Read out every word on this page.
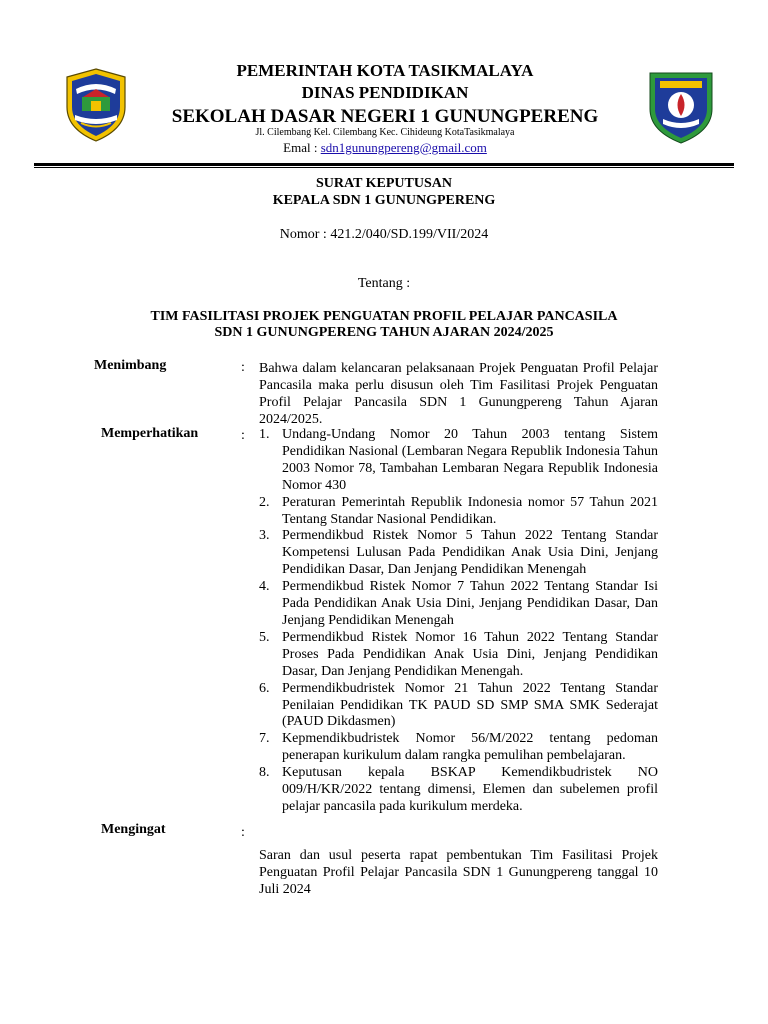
PEMERINTAH KOTA TASIKMALAYA
DINAS PENDIDIKAN
SEKOLAH DASAR NEGERI 1 GUNUNGPERENG
Jl. Cilembang Kel. Cilembang Kec. Cihideung KotaTasikmalaya
Emal : sdn1gunungpereng@gmail.com
SURAT KEPUTUSAN
KEPALA SDN 1 GUNUNGPERENG
Nomor : 421.2/040/SD.199/VII/2024
Tentang :
TIM FASILITASI PROJEK PENGUATAN PROFIL PELAJAR PANCASILA
SDN 1 GUNUNGPERENG TAHUN AJARAN 2024/2025
Menimbang	: Bahwa dalam kelancaran pelaksanaan Projek Penguatan Profil Pelajar Pancasila maka perlu disusun oleh Tim Fasilitasi Projek Penguatan Profil Pelajar Pancasila SDN 1 Gunungpereng Tahun Ajaran 2024/2025.
Memperhatikan	: 1. Undang-Undang Nomor 20 Tahun 2003 tentang Sistem Pendidikan Nasional (Lembaran Negara Republik Indonesia Tahun 2003 Nomor 78, Tambahan Lembaran Negara Republik Indonesia Nomor 430
2. Peraturan Pemerintah Republik Indonesia nomor 57 Tahun 2021 Tentang Standar Nasional Pendidikan.
3. Permendikbud Ristek Nomor 5 Tahun 2022 Tentang Standar Kompetensi Lulusan Pada Pendidikan Anak Usia Dini, Jenjang Pendidikan Dasar, Dan Jenjang Pendidikan Menengah
4. Permendikbud Ristek Nomor 7 Tahun 2022 Tentang Standar Isi Pada Pendidikan Anak Usia Dini, Jenjang Pendidikan Dasar, Dan Jenjang Pendidikan Menengah
5. Permendikbud Ristek Nomor 16 Tahun 2022 Tentang Standar Proses Pada Pendidikan Anak Usia Dini, Jenjang Pendidikan Dasar, Dan Jenjang Pendidikan Menengah.
6. Permendikbudristek Nomor 21 Tahun 2022 Tentang Standar Penilaian Pendidikan TK PAUD SD SMP SMA SMK Sederajat (PAUD Dikdasmen)
7. Kepmendikbudristek Nomor 56/M/2022 tentang pedoman penerapan kurikulum dalam rangka pemulihan pembelajaran.
8. Keputusan kepala BSKAP Kemendikbudristek NO 009/H/KR/2022 tentang dimensi, Elemen dan subelemen profil pelajar pancasila pada kurikulum merdeka.
Mengingat	:
Saran dan usul peserta rapat pembentukan Tim Fasilitasi Projek Penguatan Profil Pelajar Pancasila SDN 1 Gunungpereng tanggal 10 Juli 2024
